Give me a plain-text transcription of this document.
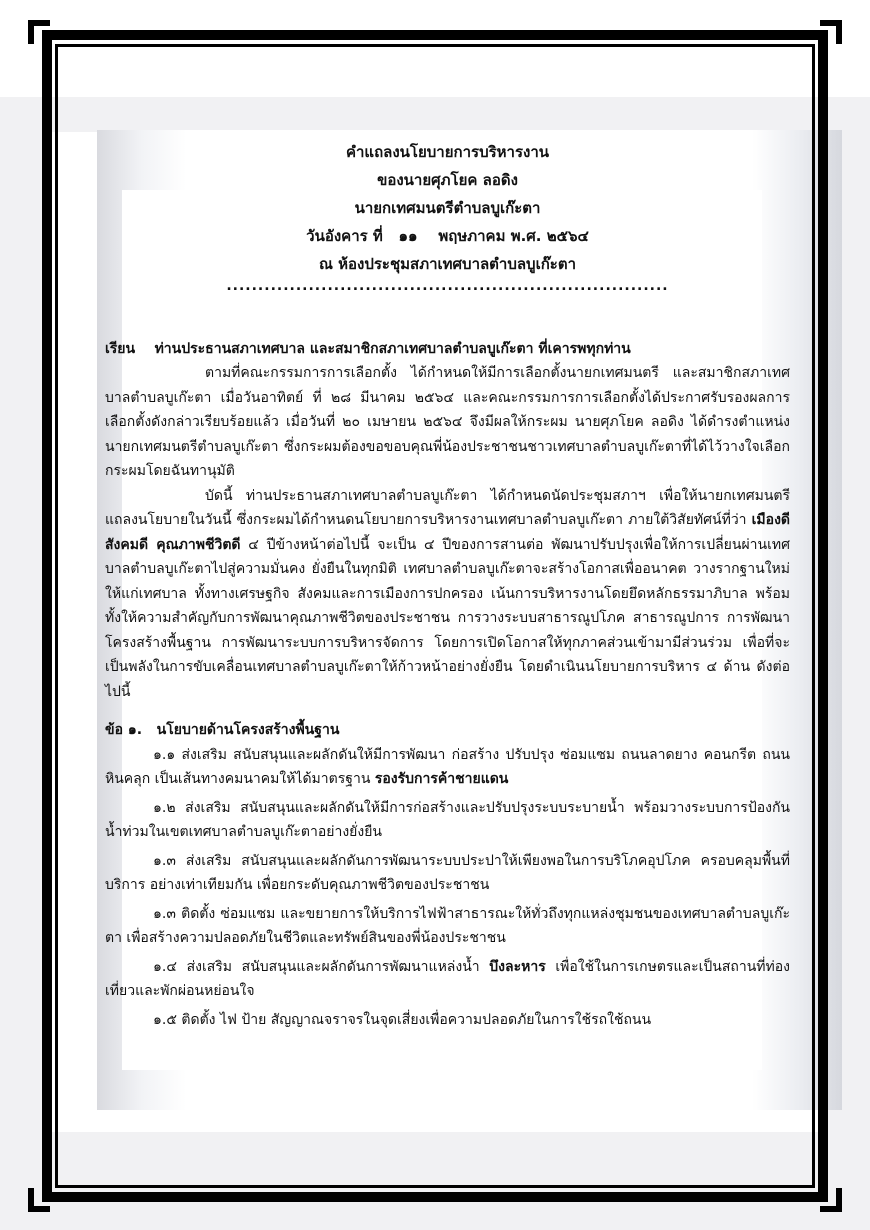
คำแถลงนโยบายการบริหารงาน
ของนายศุภโยค ลอดิง
นายกเทศมนตรีตำบลบูเก๊ะตา
วันอังคาร ที่   ๑๑    พฤษภาคม พ.ศ. ๒๕๖๔
ณ ห้องประชุมสภาเทศบาลตำบลบูเก๊ะตา
......................................................................
เรียน    ท่านประธานสภาเทศบาล และสมาชิกสภาเทศบาลตำบลบูเก๊ะตา ที่เคารพทุกท่าน
ตามที่คณะกรรมการการเลือกตั้ง ได้กำหนดให้มีการเลือกตั้งนายกเทศมนตรี และสมาชิกสภาเทศบาลตำบลบูเก๊ะตา เมื่อวันอาทิตย์ ที่ ๒๘ มีนาคม ๒๕๖๔ และคณะกรรมการการเลือกตั้งได้ประกาศรับรองผลการเลือกตั้งดังกล่าวเรียบร้อยแล้ว เมื่อวันที่ ๒๐ เมษายน ๒๕๖๔ จึงมีผลให้กระผม นายศุภโยค ลอดิง ได้ดำรงตำแหน่งนายกเทศมนตรีตำบลบูเก๊ะตา ซึ่งกระผมต้องขอขอบคุณพี่น้องประชาชนชาวเทศบาลตำบลบูเก๊ะตาที่ได้ไว้วางใจเลือกกระผมโดยฉันทานุมัติ
บัดนี้ ท่านประธานสภาเทศบาลตำบลบูเก๊ะตา ได้กำหนดนัดประชุมสภาฯ เพื่อให้นายกเทศมนตรีแถลงนโยบายในวันนี้ ซึ่งกระผมได้กำหนดนโยบายการบริหารงานเทศบาลตำบลบูเก๊ะตา ภายใต้วิสัยทัศน์ที่ว่า เมืองดี สังคมดี คุณภาพชีวิตดี ๔ ปีข้างหน้าต่อไปนี้ จะเป็น ๔ ปีของการสานต่อ พัฒนาปรับปรุงเพื่อให้การเปลี่ยนผ่านเทศบาลตำบลบูเก๊ะตาไปสู่ความมั่นคง ยั่งยืนในทุกมิติ เทศบาลตำบลบูเก๊ะตาจะสร้างโอกาสเพื่ออนาคต วางรากฐานใหม่ให้แก่เทศบาล ทั้งทางเศรษฐกิจ สังคมและการเมืองการปกครอง เน้นการบริหารงานโดยยึดหลักธรรมาภิบาล พร้อมทั้งให้ความสำคัญกับการพัฒนาคุณภาพชีวิตของประชาชน การวางระบบสาธารณูปโภค สาธารณูปการ การพัฒนาโครงสร้างพื้นฐาน การพัฒนาระบบการบริหารจัดการ โดยการเปิดโอกาสให้ทุกภาคส่วนเข้ามามีส่วนร่วม เพื่อที่จะเป็นพลังในการขับเคลื่อนเทศบาลตำบลบูเก๊ะตาให้ก้าวหน้าอย่างยั่งยืน โดยดำเนินนโยบายการบริหาร ๔ ด้าน ดังต่อไปนี้
ข้อ ๑.   นโยบายด้านโครงสร้างพื้นฐาน
๑.๑ ส่งเสริม สนับสนุนและผลักดันให้มีการพัฒนา ก่อสร้าง ปรับปรุง ซ่อมแซม ถนนลาดยาง คอนกรีต ถนนหินคลุก เป็นเส้นทางคมนาคมให้ได้มาตรฐาน รองรับการค้าชายแดน
๑.๒ ส่งเสริม สนับสนุนและผลักดันให้มีการก่อสร้างและปรับปรุงระบบระบายน้ำ พร้อมวางระบบการป้องกันน้ำท่วมในเขตเทศบาลตำบลบูเก๊ะตาอย่างยั่งยืน
๑.๓ ส่งเสริม สนับสนุนและผลักดันการพัฒนาระบบประปาให้เพียงพอในการบริโภคอุปโภค ครอบคลุมพื้นที่บริการ อย่างเท่าเทียมกัน เพื่อยกระดับคุณภาพชีวิตของประชาชน
๑.๓ ติดตั้ง ซ่อมแซม และขยายการให้บริการไฟฟ้าสาธารณะให้ทั่วถึงทุกแหล่งชุมชนของเทศบาลตำบลบูเก๊ะตา เพื่อสร้างความปลอดภัยในชีวิตและทรัพย์สินของพี่น้องประชาชน
๑.๔ ส่งเสริม สนับสนุนและผลักดันการพัฒนาแหล่งน้ำ บึงละหาร เพื่อใช้ในการเกษตรและเป็นสถานที่ท่องเที่ยวและพักผ่อนหย่อนใจ
๑.๕ ติดตั้ง ไฟ ป้าย สัญญาณจราจรในจุดเสี่ยงเพื่อความปลอดภัยในการใช้รถใช้ถนน
